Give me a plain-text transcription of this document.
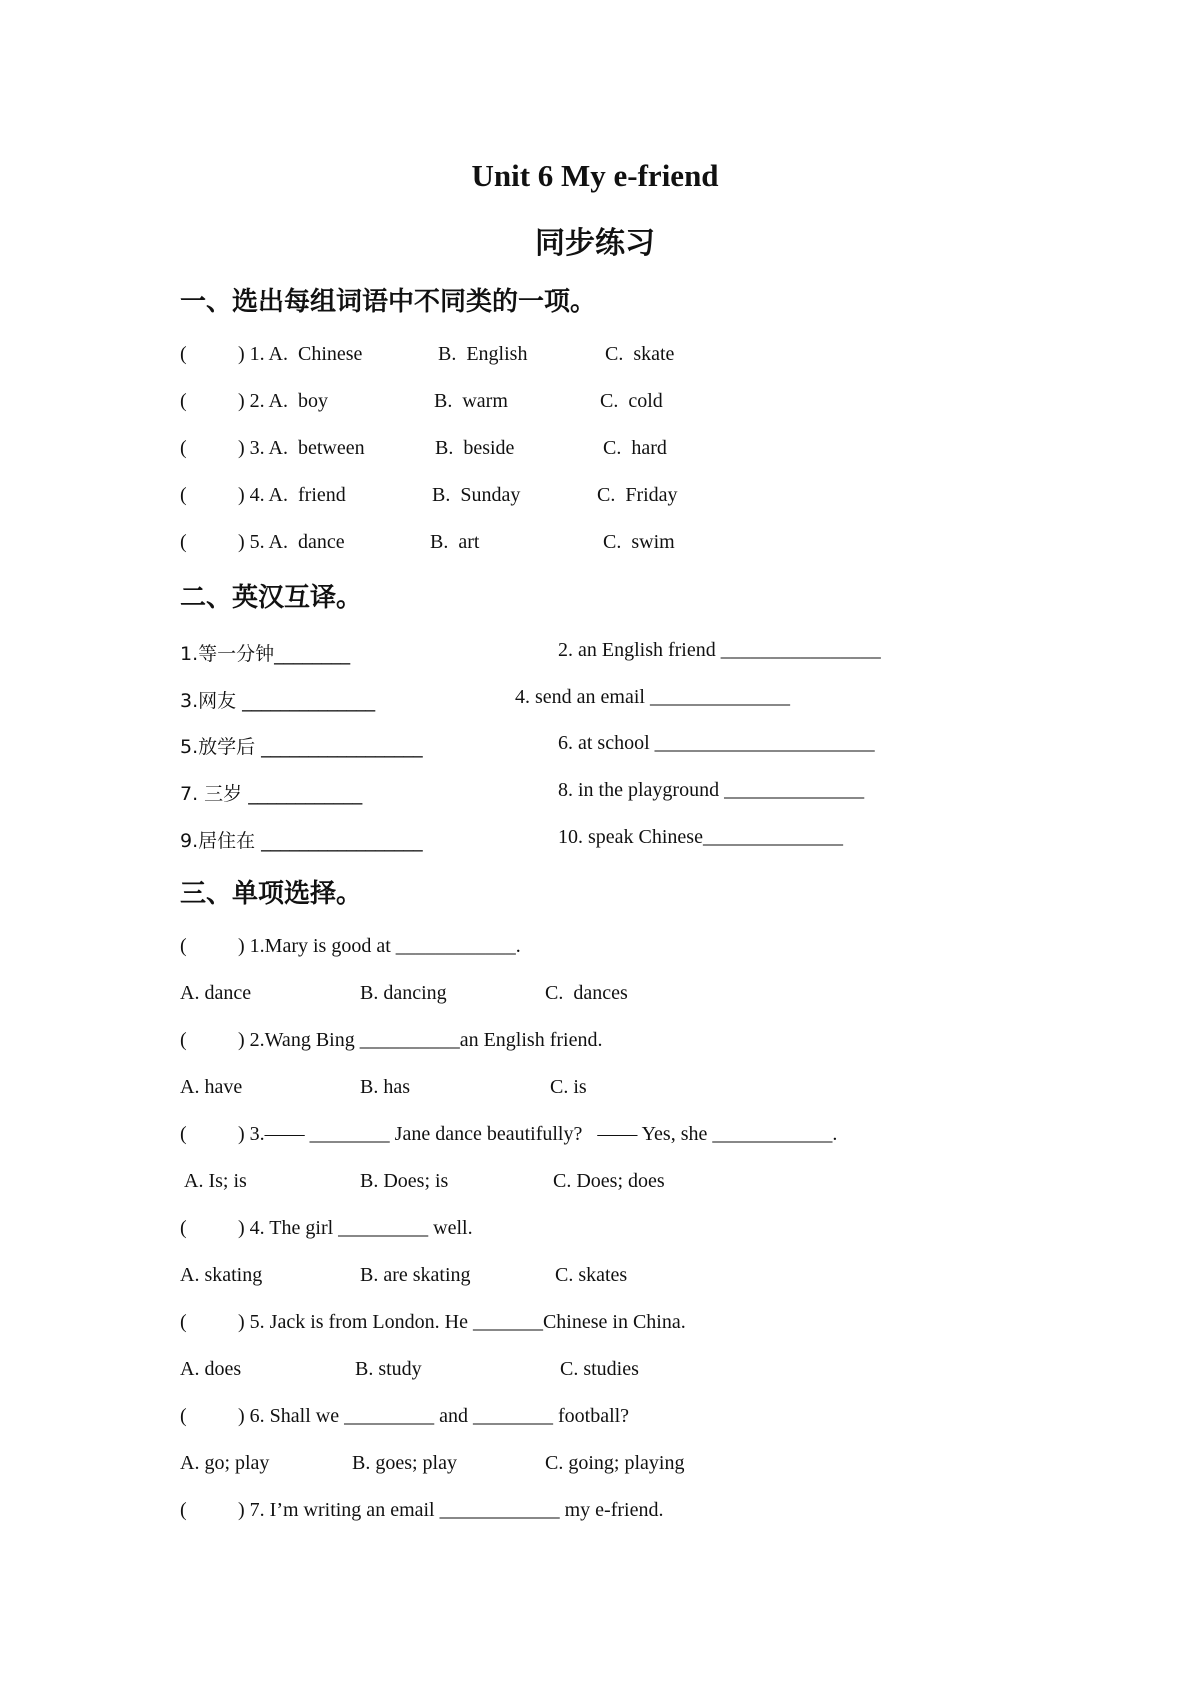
Unit 6 My e-friend
同步练习
一、选出每组词语中不同类的一项。
(	) 1. A.  Chinese	B.  English	C.  skate
(	) 2. A.  boy	B.  warm	C.  cold
(	) 3. A.  between	B.  beside	C.  hard
(	) 4. A.  friend	B.  Sunday	C.  Friday
(	) 5. A.  dance	B.  art	C.  swim
二、英汉互译。
1.等一分钟________	2. an English friend ________________
3.网友 ______________	4. send an email ______________
5.放学后 _________________	6. at school ______________________
7. 三岁 ____________	8. in the playground ______________
9.居住在 _________________	10. speak Chinese______________
三、单项选择。
(	) 1.Mary is good at ____________.
A. dance	B. dancing	C.  dances
(	) 2.Wang Bing __________an English friend.
A. have	B. has	C. is
(	) 3.—— ________ Jane dance beautifully?   —— Yes, she ____________.
A. Is; is	B. Does; is	C. Does; does
(	) 4. The girl _________ well.
A. skating	B. are skating	C. skates
(	) 5. Jack is from London. He _______Chinese in China.
A. does	B. study	C. studies
(	) 6. Shall we _________ and ________ football?
A. go; play	B. goes; play	C. going; playing
(	) 7. I’m writing an email ____________ my e-friend.
